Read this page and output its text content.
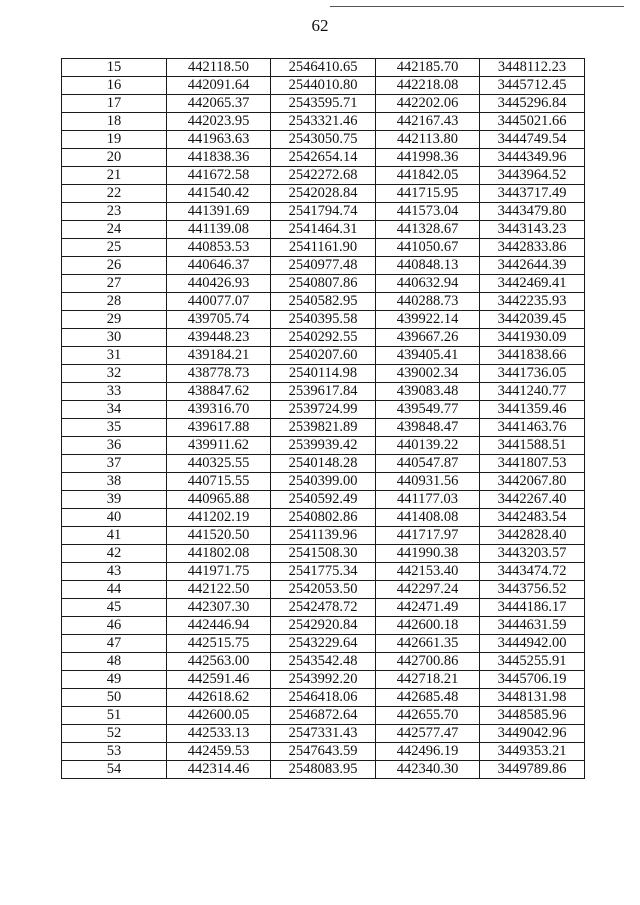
62
15	442118.50	2546410.65	442185.70	3448112.23
16	442091.64	2544010.80	442218.08	3445712.45
17	442065.37	2543595.71	442202.06	3445296.84
18	442023.95	2543321.46	442167.43	3445021.66
19	441963.63	2543050.75	442113.80	3444749.54
20	441838.36	2542654.14	441998.36	3444349.96
21	441672.58	2542272.68	441842.05	3443964.52
22	441540.42	2542028.84	441715.95	3443717.49
23	441391.69	2541794.74	441573.04	3443479.80
24	441139.08	2541464.31	441328.67	3443143.23
25	440853.53	2541161.90	441050.67	3442833.86
26	440646.37	2540977.48	440848.13	3442644.39
27	440426.93	2540807.86	440632.94	3442469.41
28	440077.07	2540582.95	440288.73	3442235.93
29	439705.74	2540395.58	439922.14	3442039.45
30	439448.23	2540292.55	439667.26	3441930.09
31	439184.21	2540207.60	439405.41	3441838.66
32	438778.73	2540114.98	439002.34	3441736.05
33	438847.62	2539617.84	439083.48	3441240.77
34	439316.70	2539724.99	439549.77	3441359.46
35	439617.88	2539821.89	439848.47	3441463.76
36	439911.62	2539939.42	440139.22	3441588.51
37	440325.55	2540148.28	440547.87	3441807.53
38	440715.55	2540399.00	440931.56	3442067.80
39	440965.88	2540592.49	441177.03	3442267.40
40	441202.19	2540802.86	441408.08	3442483.54
41	441520.50	2541139.96	441717.97	3442828.40
42	441802.08	2541508.30	441990.38	3443203.57
43	441971.75	2541775.34	442153.40	3443474.72
44	442122.50	2542053.50	442297.24	3443756.52
45	442307.30	2542478.72	442471.49	3444186.17
46	442446.94	2542920.84	442600.18	3444631.59
47	442515.75	2543229.64	442661.35	3444942.00
48	442563.00	2543542.48	442700.86	3445255.91
49	442591.46	2543992.20	442718.21	3445706.19
50	442618.62	2546418.06	442685.48	3448131.98
51	442600.05	2546872.64	442655.70	3448585.96
52	442533.13	2547331.43	442577.47	3449042.96
53	442459.53	2547643.59	442496.19	3449353.21
54	442314.46	2548083.95	442340.30	3449789.86
